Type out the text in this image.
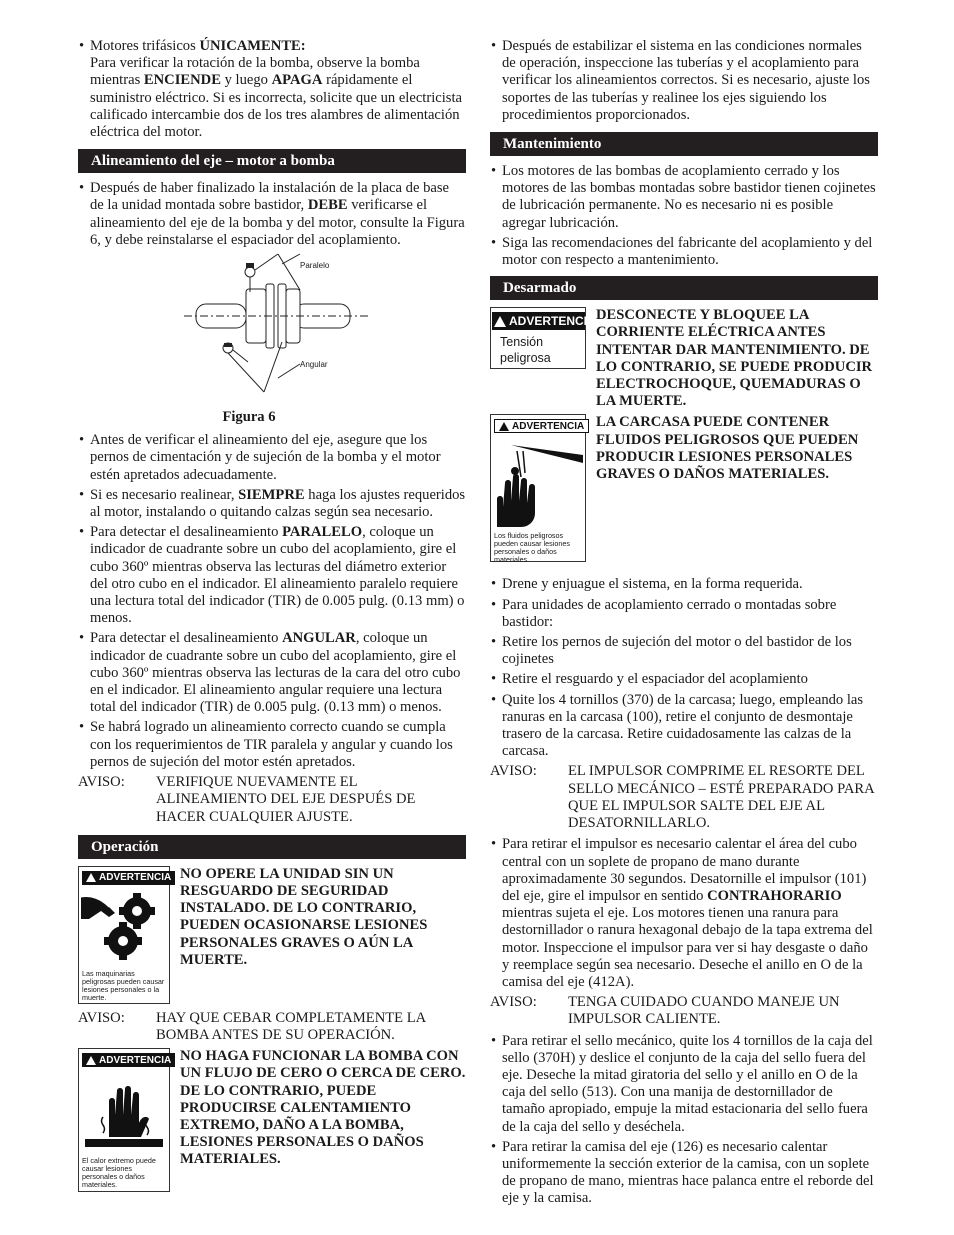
• Motores trifásicos ÚNICAMENTE:
Para verificar la rotación de la bomba, observe la bomba mientras ENCIENDE y luego APAGA rápidamente el suministro eléctrico. Si es incorrecta, solicite que un electricista calificado intercambie dos de los tres alambres de alimentación eléctrica del motor.
Alineamiento del eje – motor a bomba
• Después de haber finalizado la instalación de la placa de base de la unidad montada sobre bastidor, DEBE verificarse el alineamiento del eje de la bomba y del motor, consulte la Figura 6, y debe reinstalarse el espaciador del acoplamiento.
Paralelo
Angular
Figura 6
• Antes de verificar el alineamiento del eje, asegure que los pernos de cimentación y de sujeción de la bomba y el motor estén apretados adecuadamente.
• Si es necesario realinear, SIEMPRE haga los ajustes requeridos al motor, instalando o quitando calzas según sea necesario.
• Para detectar el desalineamiento PARALELO, coloque un indicador de cuadrante sobre un cubo del acoplamiento, gire el cubo 360º mientras observa las lecturas del diámetro exterior del otro cubo en el indicador. El alineamiento paralelo requiere una lectura total del indicador (TIR) de 0.005 pulg. (0.13 mm) o menos.
• Para detectar el desalineamiento ANGULAR, coloque un indicador de cuadrante sobre un cubo del acoplamiento, gire el cubo 360º mientras observa las lecturas de la cara del otro cubo en el indicador. El alineamiento angular requiere una lectura total del indicador (TIR) de 0.005 pulg. (0.13 mm) o menos.
• Se habrá logrado un alineamiento correcto cuando se cumpla con los requerimientos de TIR paralela y angular y cuando los pernos de sujeción del motor estén apretados.
AVISO:	VERIFIQUE NUEVAMENTE EL ALINEAMIENTO DEL EJE DESPUÉS DE HACER CUALQUIER AJUSTE.
Operación
ADVERTENCIA
Las maquinarias peligrosas pueden causar lesiones personales o la muerte.
NO OPERE LA UNIDAD SIN UN RESGUARDO DE SEGURIDAD INSTALADO. DE LO CONTRARIO, PUEDEN OCASIONARSE LESIONES PERSONALES GRAVES O AÚN LA MUERTE.
AVISO:	HAY QUE CEBAR COMPLETAMENTE LA BOMBA ANTES DE SU OPERACIÓN.
ADVERTENCIA
El calor extremo puede causar lesiones personales o daños materiales.
NO HAGA FUNCIONAR LA BOMBA CON UN FLUJO DE CERO O CERCA DE CERO. DE LO CONTRARIO, PUEDE PRODUCIRSE CALENTAMIENTO EXTREMO, DAÑO A LA BOMBA, LESIONES PERSONALES O DAÑOS MATERIALES.
• Después de estabilizar el sistema en las condiciones normales de operación, inspeccione las tuberías y el acoplamiento para verificar los alineamientos correctos. Si es necesario, ajuste los soportes de las tuberías y realinee los ejes siguiendo los procedimientos proporcionados.
Mantenimiento
• Los motores de las bombas de acoplamiento cerrado y los motores de las bombas montadas sobre bastidor tienen cojinetes de lubricación permanente. No es necesario ni es posible agregar lubricación.
• Siga las recomendaciones del fabricante del acoplamiento y del motor con respecto a mantenimiento.
Desarmado
ADVERTENCIA
Tensión peligrosa
DESCONECTE Y BLOQUEE LA CORRIENTE ELÉCTRICA ANTES INTENTAR DAR MANTENIMIENTO. DE LO CONTRARIO, SE PUEDE PRODUCIR ELECTROCHOQUE, QUEMADURAS O LA MUERTE.
ADVERTENCIA
Los fluidos peligrosos pueden causar lesiones personales o daños materiales.
LA CARCASA PUEDE CONTENER FLUIDOS PELIGROSOS QUE PUEDEN PRODUCIR LESIONES PERSONALES GRAVES O DAÑOS MATERIALES.
• Drene y enjuague el sistema, en la forma requerida.
• Para unidades de acoplamiento cerrado o montadas sobre bastidor:
• Retire los pernos de sujeción del motor o del bastidor de los cojinetes
• Retire el resguardo y el espaciador del acoplamiento
• Quite los 4 tornillos (370) de la carcasa; luego, empleando las ranuras en la carcasa (100), retire el conjunto de desmontaje trasero de la carcasa. Retire cuidadosamente las calzas de la carcasa.
AVISO:	EL IMPULSOR COMPRIME EL RESORTE DEL SELLO MECÁNICO – ESTÉ PREPARADO PARA QUE EL IMPULSOR SALTE DEL EJE AL DESATORNILLARLO.
• Para retirar el impulsor es necesario calentar el área del cubo central con un soplete de propano de mano durante aproximadamente 30 segundos. Desatornille el impulsor (101) del eje, gire el impulsor en sentido CONTRAHORARIO mientras sujeta el eje. Los motores tienen una ranura para destornillador o ranura hexagonal debajo de la tapa extrema del motor. Inspeccione el impulsor para ver si hay desgaste o daño y reemplace según sea necesario. Deseche el anillo en O de la camisa del eje (412A).
AVISO:	TENGA CUIDADO CUANDO MANEJE UN IMPULSOR CALIENTE.
• Para retirar el sello mecánico, quite los 4 tornillos de la caja del sello (370H) y deslice el conjunto de la caja del sello fuera del eje. Deseche la mitad giratoria del sello y el anillo en O de la caja del sello (513). Con una manija de destornillador de tamaño apropiado, empuje la mitad estacionaria del sello fuera de la caja del sello y deséchela.
• Para retirar la camisa del eje (126) es necesario calentar uniformemente la sección exterior de la camisa, con un soplete de propano de mano, mientras hace palanca entre el reborde del eje y la camisa.
